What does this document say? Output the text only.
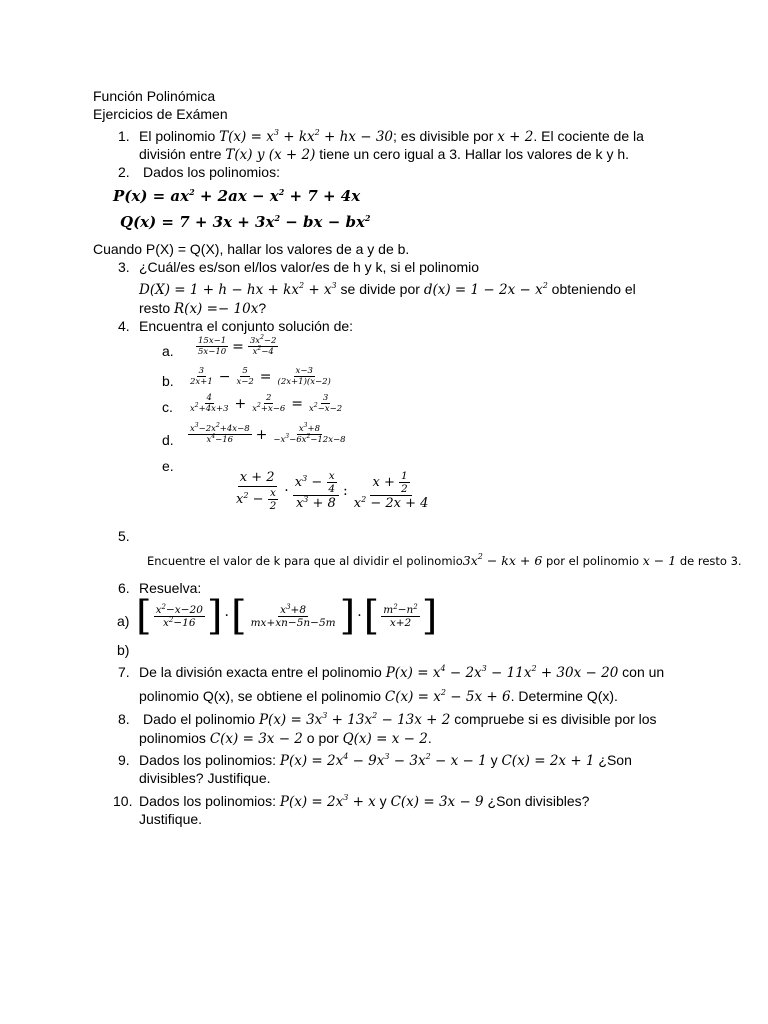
Función Polinómica
Ejercicios de Exámen
1. El polinomio $T(x) = x^3 + kx^2$ + hx − 30; es divisible por x + 2. El cociente de la
división entre T(x) y (x + 2) tiene un cero igual a 3. Hallar los valores de k y h.
2. Dados los polinomios:
$P(x) = ax^2 + 2ax - x^2 + 7 + 4x$
$Q(x) = 7 + 3x + 3x^2$ − bx − $bx^2$
Cuando P(X) = Q(X), hallar los valores de a y de b.
3. ¿Cuál/es es/son el/los valor/es de h y k, si el polinomio
D(X) = 1 + h − hx + $kx^2 + x^3$ se divide por $d(x) = 1 - 2x - x^2$ obteniendo el
resto R(x) =− 10x?
4. Encuentra el conjunto solución de:
a.	$\frac{15x-1}{5x-10} = \frac{3x^2-2}{x^2-4}$
b. $\frac{3}{2x+1} - \frac{5}{x-2} = \frac{x-3}{(2x+1)(x-2)}$
c. $\frac{4}{x^2+4x+3} + \frac{2}{x^2+x-6} = \frac{3}{x^2-x-2}$
d. $\frac{x^3-2x^2+4x-8}{x^4-16} + \frac{x^3+8}{-x^3-6x^2-12x-8}$
e.
$\frac{x + 2}{x^2 - \frac{x}{2}} \cdot \frac{x^3 - \frac{x}{4}}{x^3 + 8}$ : $\frac{x + \frac{1}{2}}{x^2 - 2x + 4}$
5.
Encuentre el valor de k para que al dividir el $polinomio3x^2$ − kx + 6 por el polinomio x − 1 de resto 3.
6. Resuelva:
a) [ $\frac{x^2-x-20}{x^2-16}$ ] ·[ $\frac{x^3+8}{mx+xn-5n-5m}$ ] ·[ $\frac{m^2-n^2}{x+2}$ ]
b)
7. De la división exacta entre el polinomio $P(x) = x^4 - 2x^3 - 11x^2 + 30x - 20$ con un
polinomio Q(x), se obtiene el polinomio $C(x) = x^2 - 5x + 6$. Determine Q(x).
8. Dado el polinomio $P(x) = 3x^3 + 13x^2 - 13x + 2$ compruebe si es divisible por los
polinomios C(x) = 3x − 2 o por Q(x) = x − 2.
9. Dados los polinomios: $P(x) = 2x^4 - 9x^3 - 3x^2 - x - 1$ y C(x) = 2x + 1 ¿Son
divisibles? Justifique.
10. Dados los polinomios: $P(x) = 2x^3 + x$ y C(x) = 3x − 9 ¿Son divisibles?
Justifique.
